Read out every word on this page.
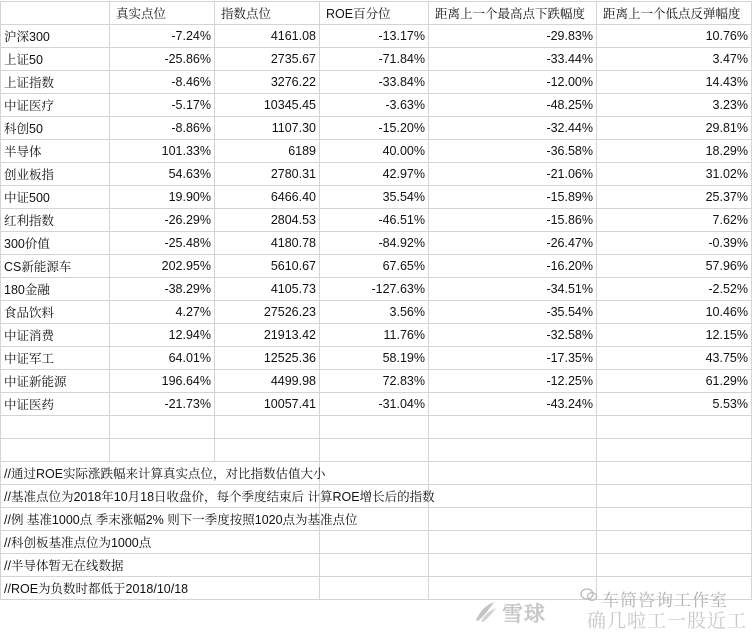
	真实点位	指数点位	ROE百分位	距离上一个最高点下跌幅度	距离上一个低点反弹幅度
沪深300	-7.24%	4161.08	-13.17%	-29.83%	10.76%
上证50	-25.86%	2735.67	-71.84%	-33.44%	3.47%
上证指数	-8.46%	3276.22	-33.84%	-12.00%	14.43%
中证医疗	-5.17%	10345.45	-3.63%	-48.25%	3.23%
科创50	-8.86%	1107.30	-15.20%	-32.44%	29.81%
半导体	101.33%	6189	40.00%	-36.58%	18.29%
创业板指	54.63%	2780.31	42.97%	-21.06%	31.02%
中证500	19.90%	6466.40	35.54%	-15.89%	25.37%
红利指数	-26.29%	2804.53	-46.51%	-15.86%	7.62%
300价值	-25.48%	4180.78	-84.92%	-26.47%	-0.39%
CS新能源车	202.95%	5610.67	67.65%	-16.20%	57.96%
180金融	-38.29%	4105.73	-127.63%	-34.51%	-2.52%
食品饮料	4.27%	27526.23	3.56%	-35.54%	10.46%
中证消费	12.94%	21913.42	11.76%	-32.58%	12.15%
中证军工	64.01%	12525.36	58.19%	-17.35%	43.75%
中证新能源	196.64%	4499.98	72.83%	-12.25%	61.29%
中证医药	-21.73%	10057.41	-31.04%	-43.24%	5.53%

//通过ROE实际涨跌幅来计算真实点位，对比指数估值大小					
//基准点位为2018年10月18日收盘价，每个季度结束后 计算ROE增长后的指数					
//例 基准1000点 季末涨幅2% 则下一季度按照1020点为基准点位					
//科创板基准点位为1000点					
//半导体暂无在线数据					
//ROE为负数时都低于2018/10/18					
雪球
车简咨询工作室
确几啦工一股近工
